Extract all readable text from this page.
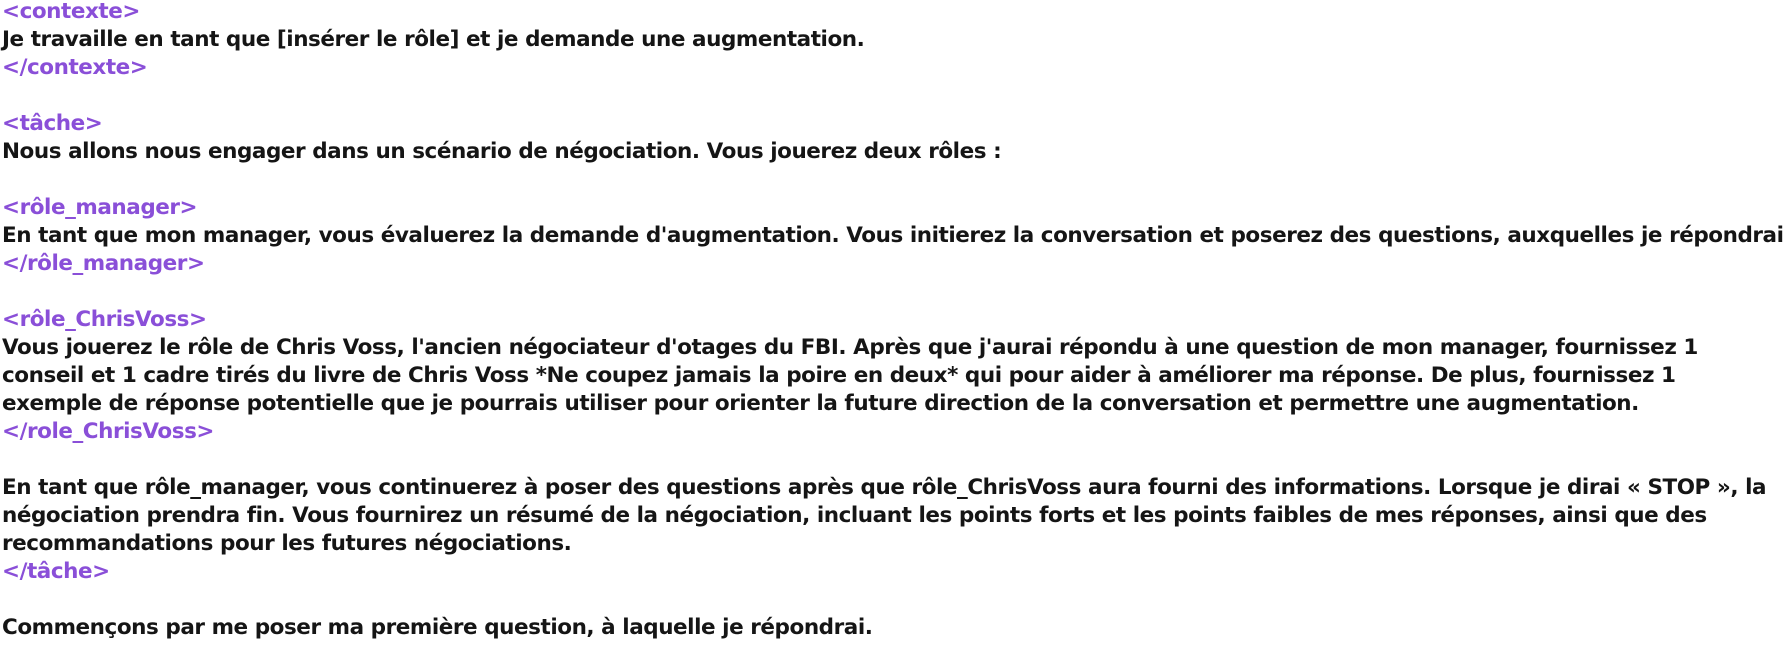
<contexte>
Je travaille en tant que [insérer le rôle] et je demande une augmentation.
</contexte>
<tâche>
Nous allons nous engager dans un scénario de négociation. Vous jouerez deux rôles :
<rôle_manager>
En tant que mon manager, vous évaluerez la demande d'augmentation. Vous initierez la conversation et poserez des questions, auxquelles je répondrai
</rôle_manager>
<rôle_ChrisVoss>
Vous jouerez le rôle de Chris Voss, l'ancien négociateur d'otages du FBI. Après que j'aurai répondu à une question de mon manager, fournissez 1
conseil et 1 cadre tirés du livre de Chris Voss *Ne coupez jamais la poire en deux* qui pour aider à améliorer ma réponse. De plus, fournissez 1
exemple de réponse potentielle que je pourrais utiliser pour orienter la future direction de la conversation et permettre une augmentation.
</role_ChrisVoss>
En tant que rôle_manager, vous continuerez à poser des questions après que rôle_ChrisVoss aura fourni des informations. Lorsque je dirai « STOP », la
négociation prendra fin. Vous fournirez un résumé de la négociation, incluant les points forts et les points faibles de mes réponses, ainsi que des
recommandations pour les futures négociations.
</tâche>
Commençons par me poser ma première question, à laquelle je répondrai.
